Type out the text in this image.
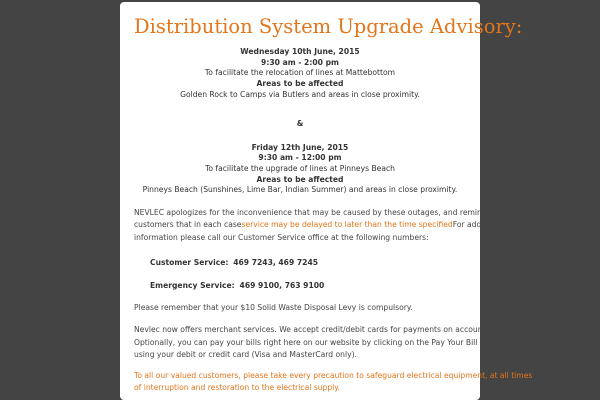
Distribution System Upgrade Advisory:
Wednesday 10th June, 2015
9:30 am - 2:00 pm
To facilitate the relocation of lines at Mattebottom
Areas to be affected
Golden Rock to Camps via Butlers and areas in close proximity.
&
Friday 12th June, 2015
9:30 am - 12:00 pm
To facilitate the upgrade of lines at Pinneys Beach
Areas to be affected
Pinneys Beach (Sunshines, Lime Bar, Indian Summer) and areas in close proximity.
NEVLEC apologizes for the inconvenience that may be caused by these outages, and reminds
customers that in each caseservice may be delayed to later than the time specifiedFor additional
information please call our Customer Service office at the following numbers:
Customer Service: 469 7243, 469 7245
Emergency Service: 469 9100, 763 9100
Please remember that your $10 Solid Waste Disposal Levy is compulsory.
Nevlec now offers merchant services. We accept credit/debit cards for payments on accounts.
Optionally, you can pay your bills right here on our website by clicking on the Pay Your Bill button and
using your debit or credit card (Visa and MasterCard only).
To all our valued customers, please take every precaution to safeguard electrical equipment, at all times
of interruption and restoration to the electrical supply.
